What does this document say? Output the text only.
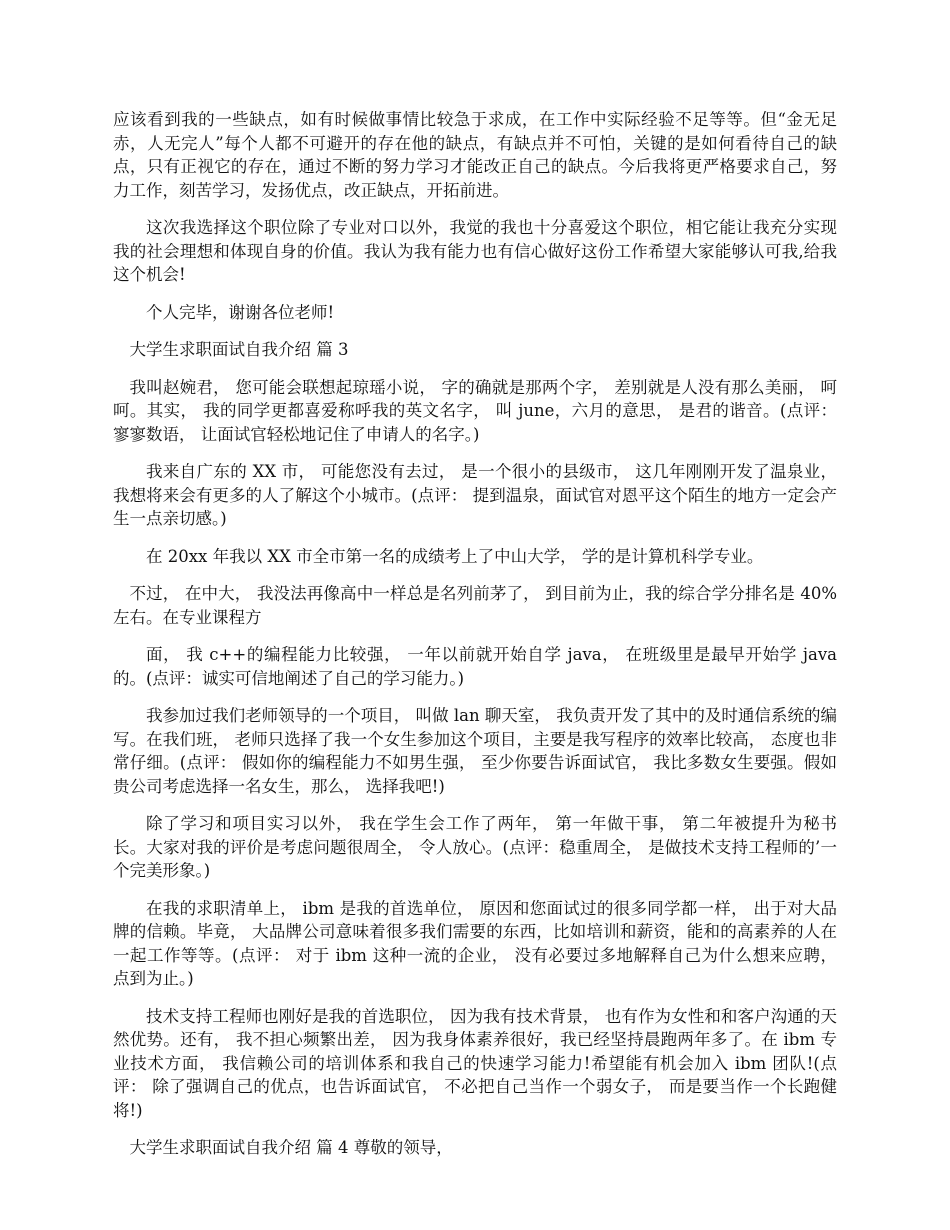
应该看到我的一些缺点，如有时候做事情比较急于求成，在工作中实际经验不足等等。但“金无足赤，人无完人”每个人都不可避开的存在他的缺点，有缺点并不可怕，关键的是如何看待自己的缺点，只有正视它的存在，通过不断的努力学习才能改正自己的缺点。今后我将更严格要求自己，努力工作，刻苦学习，发扬优点，改正缺点，开拓前进。

这次我选择这个职位除了专业对口以外，我觉的我也十分喜爱这个职位，相它能让我充分实现我的社会理想和体现自身的价值。我认为我有能力也有信心做好这份工作希望大家能够认可我,给我这个机会!

个人完毕，谢谢各位老师!

大学生求职面试自我介绍 篇 3

我叫赵婉君， 您可能会联想起琼瑶小说， 字的确就是那两个字， 差别就是人没有那么美丽， 呵呵。其实， 我的同学更都喜爱称呼我的英文名字， 叫 june，六月的意思， 是君的谐音。(点评： 寥寥数语， 让面试官轻松地记住了申请人的名字。)

我来自广东的 XX 市， 可能您没有去过， 是一个很小的县级市， 这几年刚刚开发了温泉业， 我想将来会有更多的人了解这个小城市。(点评： 提到温泉，面试官对恩平这个陌生的地方一定会产生一点亲切感。)

在 20xx 年我以 XX 市全市第一名的成绩考上了中山大学， 学的是计算机科学专业。

不过， 在中大， 我没法再像高中一样总是名列前茅了， 到目前为止，我的综合学分排名是 40%左右。在专业课程方

面， 我 c++的编程能力比较强， 一年以前就开始自学 java， 在班级里是最早开始学 java 的。(点评：诚实可信地阐述了自己的学习能力。)

我参加过我们老师领导的一个项目， 叫做 lan 聊天室， 我负责开发了其中的及时通信系统的编写。在我们班， 老师只选择了我一个女生参加这个项目，主要是我写程序的效率比较高， 态度也非常仔细。(点评： 假如你的编程能力不如男生强， 至少你要告诉面试官， 我比多数女生要强。假如贵公司考虑选择一名女生，那么， 选择我吧!)

除了学习和项目实习以外， 我在学生会工作了两年， 第一年做干事， 第二年被提升为秘书长。大家对我的评价是考虑问题很周全， 令人放心。(点评：稳重周全， 是做技术支持工程师的’一个完美形象。)

在我的求职清单上， ibm 是我的首选单位， 原因和您面试过的很多同学都一样， 出于对大品牌的信赖。毕竟， 大品牌公司意味着很多我们需要的东西，比如培训和薪资，能和的高素养的人在一起工作等等。(点评： 对于 ibm 这种一流的企业， 没有必要过多地解释自己为什么想来应聘， 点到为止。)

技术支持工程师也刚好是我的首选职位， 因为我有技术背景， 也有作为女性和和客户沟通的天然优势。还有， 我不担心频繁出差， 因为我身体素养很好，我已经坚持晨跑两年多了。在 ibm 专业技术方面， 我信赖公司的培训体系和我自己的快速学习能力!希望能有机会加入 ibm 团队!(点评： 除了强调自己的优点，也告诉面试官， 不必把自己当作一个弱女子， 而是要当作一个长跑健将!)

大学生求职面试自我介绍 篇 4 尊敬的领导，
